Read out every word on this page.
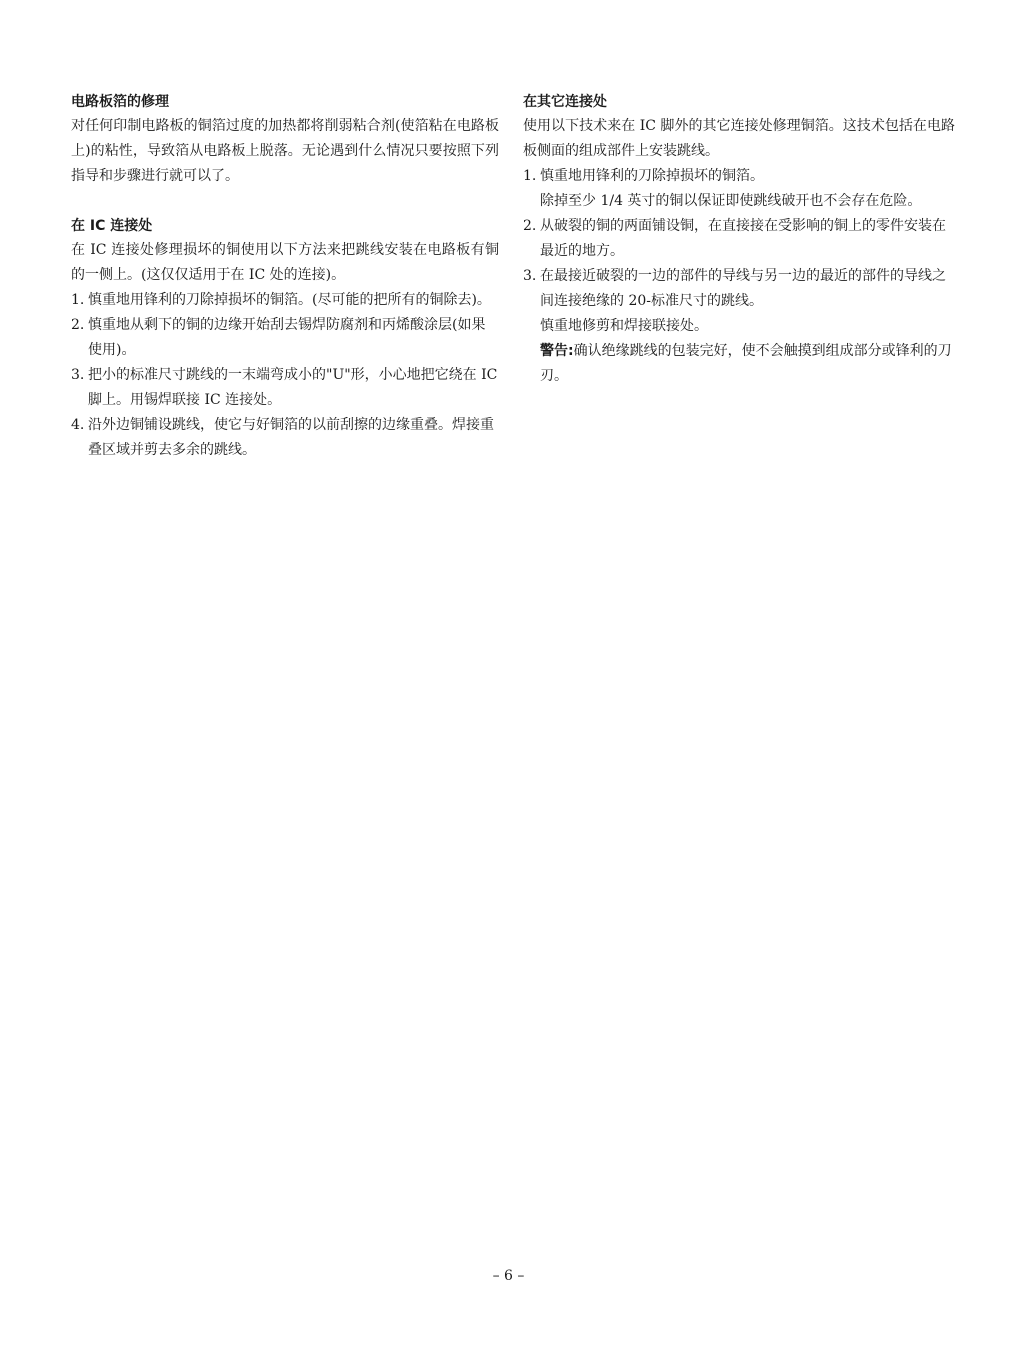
电路板箔的修理

对任何印制电路板的铜箔过度的加热都将削弱粘合剂(使箔粘在电路板上)的粘性，导致箔从电路板上脱落。无论遇到什么情况只要按照下列指导和步骤进行就可以了。

在 IC 连接处

在 IC 连接处修理损坏的铜使用以下方法来把跳线安装在电路板有铜的一侧上。(这仅仅适用于在 IC 处的连接)。

1. 慎重地用锋利的刀除掉损坏的铜箔。(尽可能的把所有的铜除去)。
2. 慎重地从剩下的铜的边缘开始刮去锡焊防腐剂和丙烯酸涂层(如果使用)。
3. 把小的标准尺寸跳线的一末端弯成小的"U"形，小心地把它绕在 IC 脚上。用锡焊联接 IC 连接处。
4. 沿外边铜铺设跳线，使它与好铜箔的以前刮擦的边缘重叠。焊接重叠区域并剪去多余的跳线。
在其它连接处

使用以下技术来在 IC 脚外的其它连接处修理铜箔。这技术包括在电路板侧面的组成部件上安装跳线。

1. 慎重地用锋利的刀除掉损坏的铜箔。
除掉至少 1/4 英寸的铜以保证即使跳线破开也不会存在危险。
2. 从破裂的铜的两面铺设铜，在直接接在受影响的铜上的零件安装在最近的地方。
3. 在最接近破裂的一边的部件的导线与另一边的最近的部件的导线之间连接绝缘的 20-标准尺寸的跳线。
慎重地修剪和焊接联接处。
警告:确认绝缘跳线的包装完好，使不会触摸到组成部分或锋利的刀刃。
– 6 –
